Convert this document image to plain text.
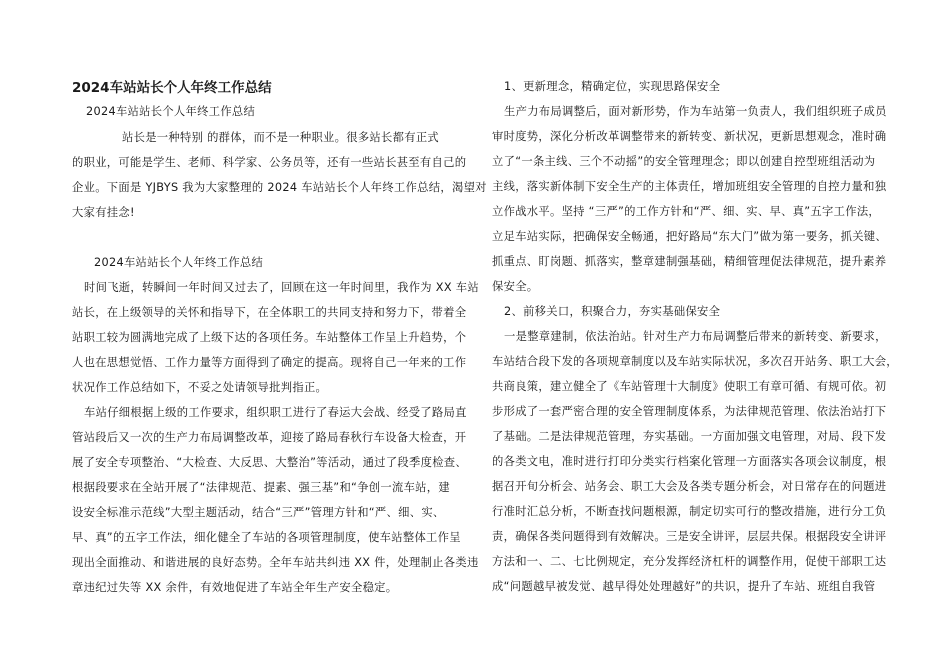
2024车站站长个人年终工作总结
2024车站站长个人年终工作总结
站长是一种特别 的群体，而不是一种职业。很多站长都有正式
的职业，可能是学生、老师、科学家、公务员等，还有一些站长甚至有自己的
企业。下面是 YJBYS 我为大家整理的 2024 车站站长个人年终工作总结，渴望对
大家有挂念!
2024车站站长个人年终工作总结
时间飞逝，转瞬间一年时间又过去了，回顾在这一年时间里，我作为 XX 车站
站长，在上级领导的关怀和指导下，在全体职工的共同支持和努力下，带着全
站职工较为圆满地完成了上级下达的各项任务。车站整体工作呈上升趋势，个
人也在思想觉悟、工作力量等方面得到了确定的提高。现将自己一年来的工作
状况作工作总结如下，不妥之处请领导批判指正。
车站仔细根据上级的工作要求，组织职工进行了春运大会战、经受了路局直
管站段后又一次的生产力布局调整改革，迎接了路局春秋行车设备大检查，开
展了安全专项整治、“大检查、大反思、大整治”等活动，通过了段季度检查、
根据段要求在全站开展了“法律规范、提素、强三基”和“争创一流车站，建
设安全标准示范线”大型主题活动，结合“三严”管理方针和“严、细、实、
早、真”的五字工作法，细化健全了车站的各项管理制度，使车站整体工作呈
现出全面推动、和谐进展的良好态势。全年车站共纠违 XX 件，处理制止各类违
章违纪过失等 XX 余件，有效地促进了车站全年生产安全稳定。
1、更新理念，精确定位，实现思路保安全
生产力布局调整后，面对新形势，作为车站第一负责人，我们组织班子成员
审时度势，深化分析改革调整带来的新转变、新状况，更新思想观念，准时确
立了“一条主线、三个不动摇”的安全管理理念；即以创建自控型班组活动为
主线，落实新体制下安全生产的主体责任，增加班组安全管理的自控力量和独
立作战水平。坚持 “三严”的工作方针和“严、细、实、早、真”五字工作法，
立足车站实际，把确保安全畅通，把好路局“东大门”做为第一要务，抓关键、
抓重点、盯岗题、抓落实，整章建制强基础，精细管理促法律规范，提升素养
保安全。
2、前移关口，积聚合力，夯实基础保安全
一是整章建制，依法治站。针对生产力布局调整后带来的新转变、新要求，
车站结合段下发的各项规章制度以及车站实际状况，多次召开站务、职工大会，
共商良策，建立健全了《车站管理十大制度》使职工有章可循、有规可依。初
步形成了一套严密合理的安全管理制度体系，为法律规范管理、依法治站打下
了基础。二是法律规范管理，夯实基础。一方面加强文电管理，对局、段下发
的各类文电，准时进行打印分类实行档案化管理一方面落实各项会议制度，根
据召开旬分析会、站务会、职工大会及各类专题分析会，对日常存在的问题进
行准时汇总分析，不断查找问题根源，制定切实可行的整改措施，进行分工负
责，确保各类问题得到有效解决。三是安全讲评，层层共保。根据段安全讲评
方法和一、二、七比例规定，充分发挥经济杠杆的调整作用，促使干部职工达
成“问题越早被发觉、越早得处处理越好”的共识，提升了车站、班组自我管
